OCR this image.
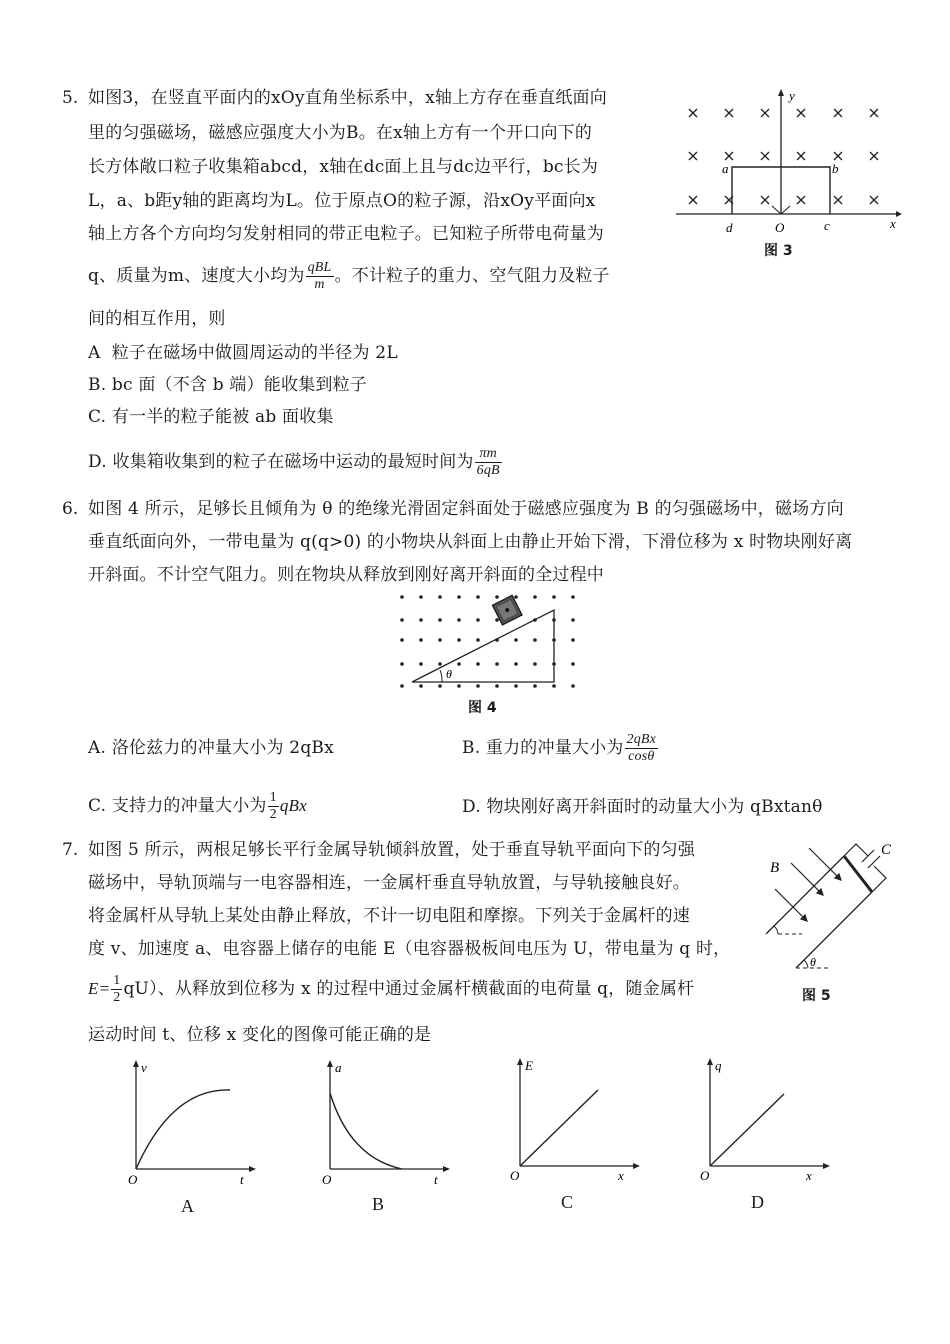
5. 如图3，在竖直平面内的xOy直角坐标系中，x轴上方存在垂直纸面向
里的匀强磁场，磁感应强度大小为B。在x轴上方有一个开口向下的
长方体敞口粒子收集箱abcd，x轴在dc面上且与dc边平行，bc长为
L，a、b距y轴的距离均为L。位于原点O的粒子源，沿xOy平面向x
轴上方各个方向均匀发射相同的带正电粒子。已知粒子所带电荷量为
q、质量为m、速度大小均为 $\frac{\text{qBL}}{m}$ 。不计粒子的重力、空气阻力及粒子
间的相互作用，则
A 粒子在磁场中做圆周运动的半径为 2L
B. bc 面（不含 b 端）能收集到粒子
C. 有一半的粒子能被 ab 面收集
D. 收集箱收集到的粒子在磁场中运动的最短时间为 $\frac{\pi m}{6qB}$
y
x
a	b
c
d	O
图 3
6. 如图 4 所示，足够长且倾角为 θ 的绝缘光滑固定斜面处于磁感应强度为 B 的匀强磁场中，磁场方向
垂直纸面向外，一带电量为 q(q>0) 的小物块从斜面上由静止开始下滑，下滑位移为 x 时物块刚好离
开斜面。不计空气阻力。则在物块从释放到刚好离开斜面的全过程中
θ
图 4
A. 洛伦兹力的冲量大小为 2qBx	B. 重力的冲量大小为 $\frac{\text{2qBx}}{\cos\theta}$
C. 支持力的冲量大小为 $\frac{1}{2}$ qBx	D. 物块刚好离开斜面时的动量大小为 qBxtanθ
7. 如图 5 所示，两根足够长平行金属导轨倾斜放置，处于垂直导轨平面向下的匀强
磁场中，导轨顶端与一电容器相连，一金属杆垂直导轨放置，与导轨接触良好。
将金属杆从导轨上某处由静止释放，不计一切电阻和摩擦。下列关于金属杆的速
度 v、加速度 a、电容器上储存的电能 E（电容器极板间电压为 U，带电量为 q 时，
$E= \frac{1}{2} qU$）、从释放到位移为 x 的过程中通过金属杆横截面的电荷量 q，随金属杆
运动时间 t、位移 x 变化的图像可能正确的是
C
B
θ
图 5
v
t
O
A
a
t
O
B
E
x
O
C
q
x
O
D
